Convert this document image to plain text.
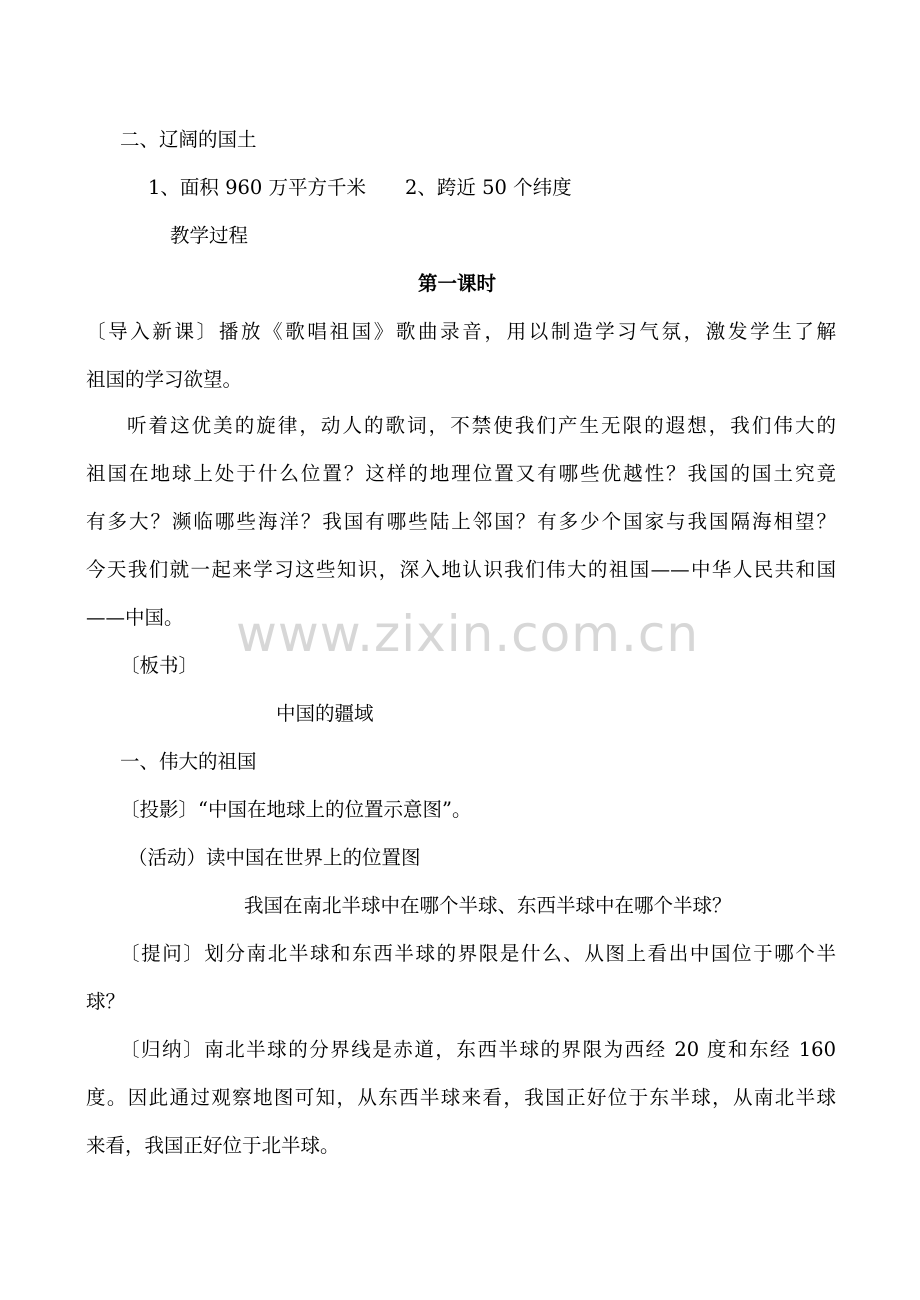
二、辽阔的国土
1、面积 960 万平方千米　　2、跨近 50 个纬度
教学过程
第一课时
〔导入新课〕播放《歌唱祖国》歌曲录音，用以制造学习气氛，激发学生了解
祖国的学习欲望。
听着这优美的旋律，动人的歌词，不禁使我们产生无限的遐想，我们伟大的
祖国在地球上处于什么位置？这样的地理位置又有哪些优越性？我国的国土究竟
有多大？濒临哪些海洋？我国有哪些陆上邻国？有多少个国家与我国隔海相望？
今天我们就一起来学习这些知识，深入地认识我们伟大的祖国——中华人民共和国
——中国。 www.zixin.com.cn
〔板书〕
中国的疆域
一、伟大的祖国
〔投影〕“中国在地球上的位置示意图”。
（活动）读中国在世界上的位置图
我国在南北半球中在哪个半球、东西半球中在哪个半球？
〔提问〕划分南北半球和东西半球的界限是什么、从图上看出中国位于哪个半
球？
〔归纳〕南北半球的分界线是赤道，东西半球的界限为西经 20 度和东经 160
度。因此通过观察地图可知，从东西半球来看，我国正好位于东半球，从南北半球
来看，我国正好位于北半球。
